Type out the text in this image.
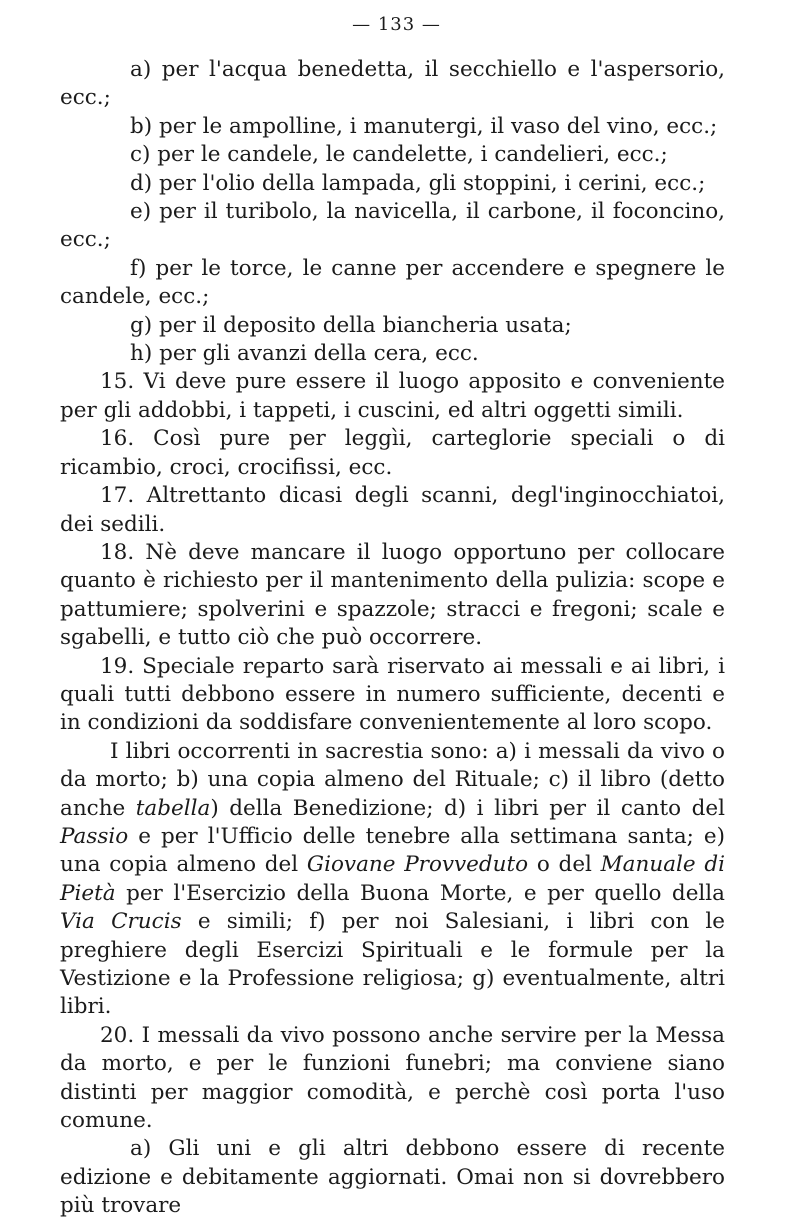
— 133 —

a) per l'acqua benedetta, il secchiello e l'aspersorio, ecc.;

b) per le ampolline, i manutergi, il vaso del vino, ecc.;

c) per le candele, le candelette, i candelieri, ecc.;

d) per l'olio della lampada, gli stoppini, i cerini, ecc.;

e) per il turibolo, la navicella, il carbone, il foconcino, ecc.;

f) per le torce, le canne per accendere e spegnere le candele, ecc.;

g) per il deposito della biancheria usata;

h) per gli avanzi della cera, ecc.

15. Vi deve pure essere il luogo apposito e conveniente per gli addobbi, i tappeti, i cuscini, ed altri oggetti simili.

16. Così pure per leggìi, carteglorie speciali o di ricambio, croci, crocifissi, ecc.

17. Altrettanto dicasi degli scanni, degl'inginocchiatoi, dei sedili.

18. Nè deve mancare il luogo opportuno per collocare quanto è richiesto per il mantenimento della pulizia: scope e pattumiere; spolverini e spazzole; stracci e fregoni; scale e sgabelli, e tutto ciò che può occorrere.

19. Speciale reparto sarà riservato ai messali e ai libri, i quali tutti debbono essere in numero sufficiente, decenti e in condizioni da soddisfare convenientemente al loro scopo.

I libri occorrenti in sacrestia sono: a) i messali da vivo o da morto; b) una copia almeno del Rituale; c) il libro (detto anche tabella) della Benedizione; d) i libri per il canto del Passio e per l'Ufficio delle tenebre alla settimana santa; e) una copia almeno del Giovane Provveduto o del Manuale di Pietà per l'Esercizio della Buona Morte, e per quello della Via Crucis e simili; f) per noi Salesiani, i libri con le preghiere degli Esercizi Spirituali e le formule per la Vestizione e la Professione religiosa; g) eventualmente, altri libri.

20. I messali da vivo possono anche servire per la Messa da morto, e per le funzioni funebri; ma conviene siano distinti per maggior comodità, e perchè così porta l'uso comune.

a) Gli uni e gli altri debbono essere di recente edizione e debitamente aggiornati. Omai non si dovrebbero più trovare
